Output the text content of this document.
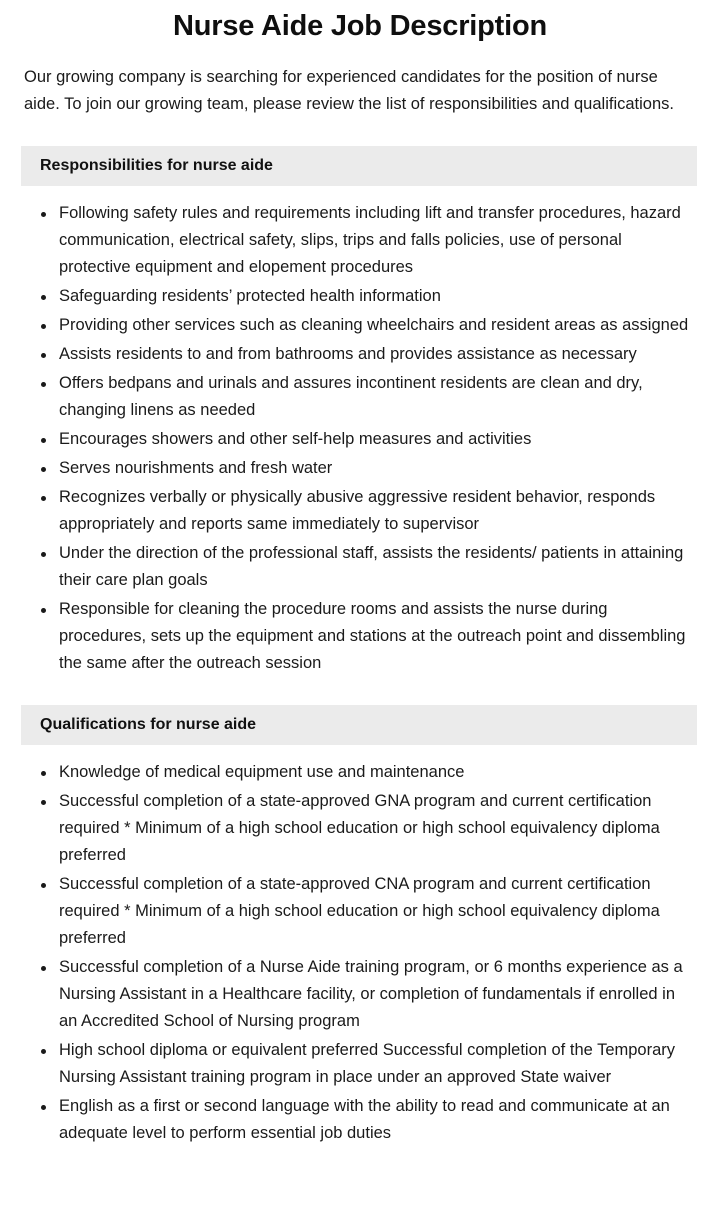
Nurse Aide Job Description

Our growing company is searching for experienced candidates for the position of nurse aide. To join our growing team, please review the list of responsibilities and qualifications.

Responsibilities for nurse aide
Following safety rules and requirements including lift and transfer procedures, hazard communication, electrical safety, slips, trips and falls policies, use of personal protective equipment and elopement procedures
Safeguarding residents’ protected health information
Providing other services such as cleaning wheelchairs and resident areas as assigned
Assists residents to and from bathrooms and provides assistance as necessary
Offers bedpans and urinals and assures incontinent residents are clean and dry, changing linens as needed
Encourages showers and other self-help measures and activities
Serves nourishments and fresh water
Recognizes verbally or physically abusive aggressive resident behavior, responds appropriately and reports same immediately to supervisor
Under the direction of the professional staff, assists the residents/ patients in attaining their care plan goals
Responsible for cleaning the procedure rooms and assists the nurse during procedures, sets up the equipment and stations at the outreach point and dissembling the same after the outreach session
Qualifications for nurse aide
Knowledge of medical equipment use and maintenance
Successful completion of a state-approved GNA program and current certification required * Minimum of a high school education or high school equivalency diploma preferred
Successful completion of a state-approved CNA program and current certification required * Minimum of a high school education or high school equivalency diploma preferred
Successful completion of a Nurse Aide training program, or 6 months experience as a Nursing Assistant in a Healthcare facility, or completion of fundamentals if enrolled in an Accredited School of Nursing program
High school diploma or equivalent preferred Successful completion of the Temporary Nursing Assistant training program in place under an approved State waiver
English as a first or second language with the ability to read and communicate at an adequate level to perform essential job duties
